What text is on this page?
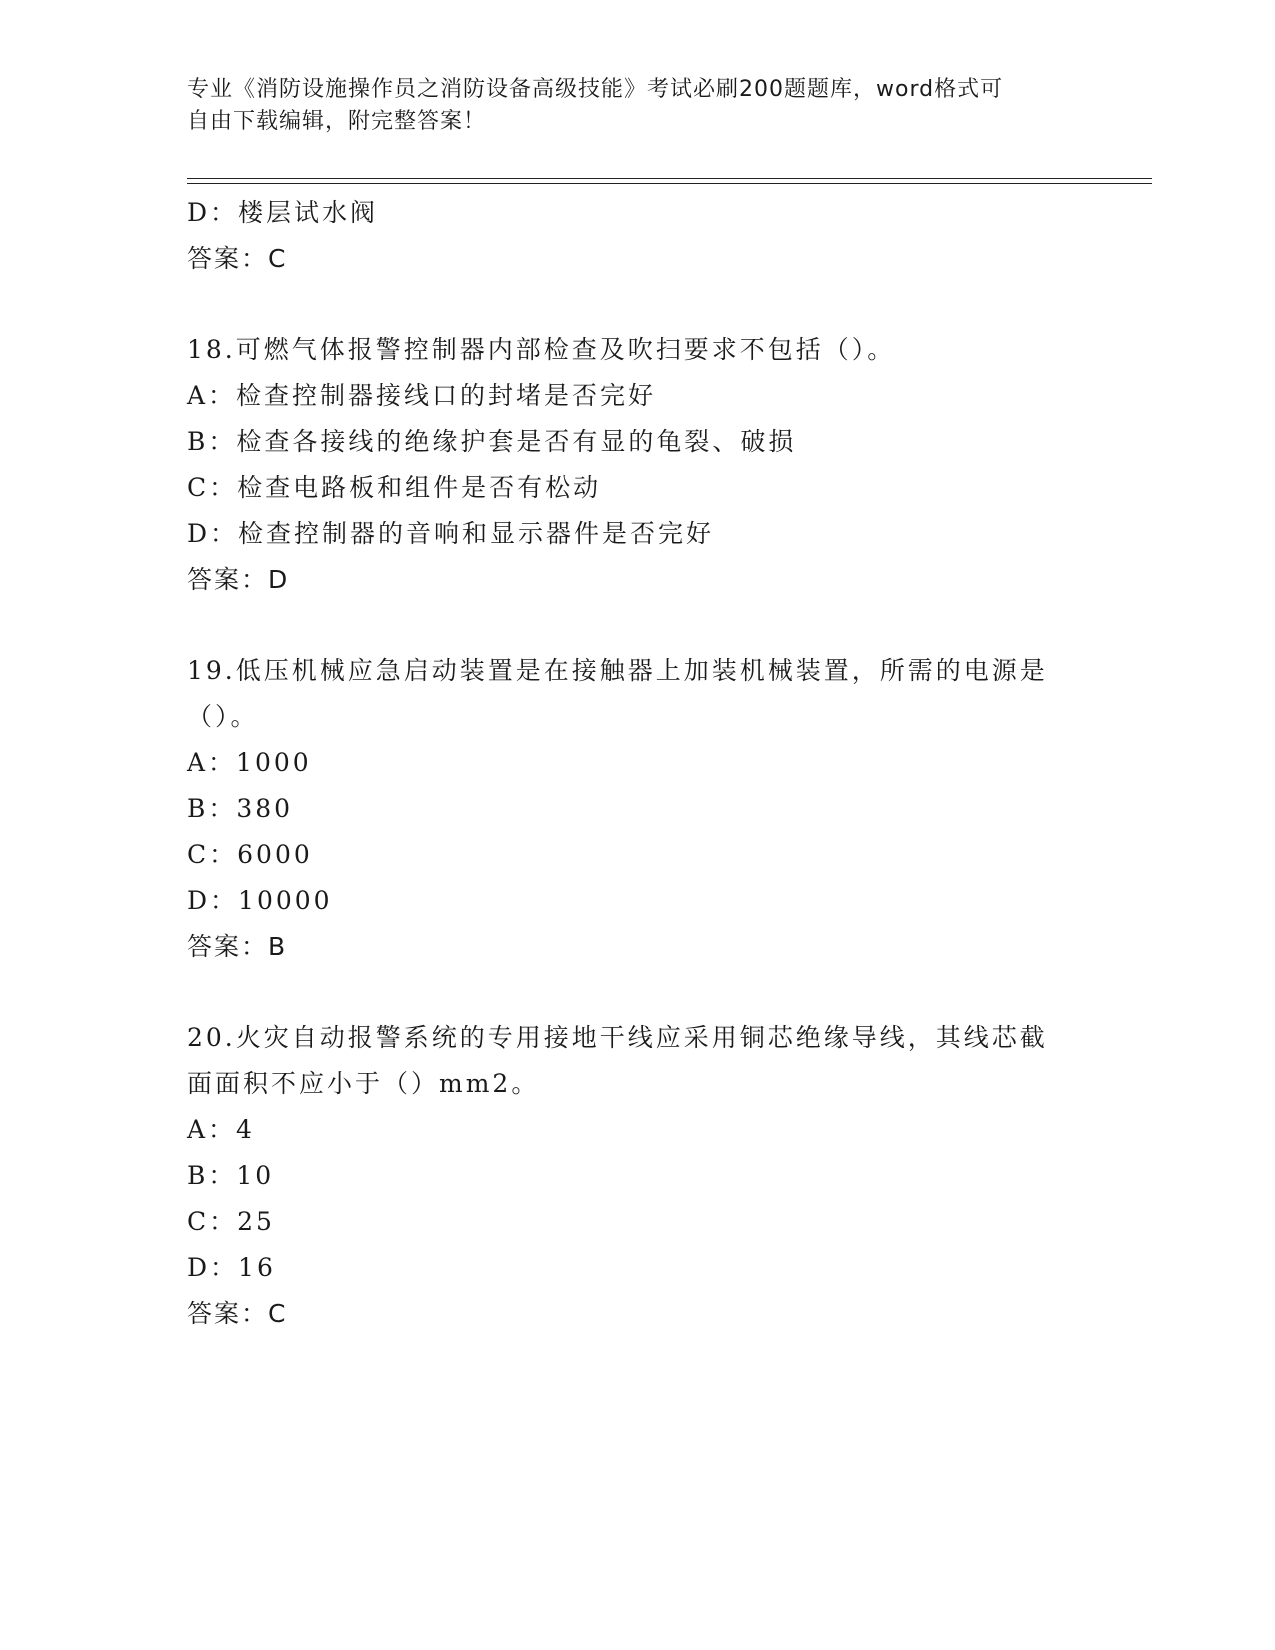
专业《消防设施操作员之消防设备高级技能》考试必刷200题题库，word格式可
自由下载编辑，附完整答案！
D：楼层试水阀
答案：C
18.可燃气体报警控制器内部检查及吹扫要求不包括（）。
A：检查控制器接线口的封堵是否完好
B：检查各接线的绝缘护套是否有显的龟裂、破损
C：检查电路板和组件是否有松动
D：检查控制器的音响和显示器件是否完好
答案：D
19.低压机械应急启动装置是在接触器上加装机械装置，所需的电源是
（）。
A：1000
B：380
C：6000
D：10000
答案：B
20.火灾自动报警系统的专用接地干线应采用铜芯绝缘导线，其线芯截
面面积不应小于（）mm2。
A：4
B：10
C：25
D：16
答案：C
